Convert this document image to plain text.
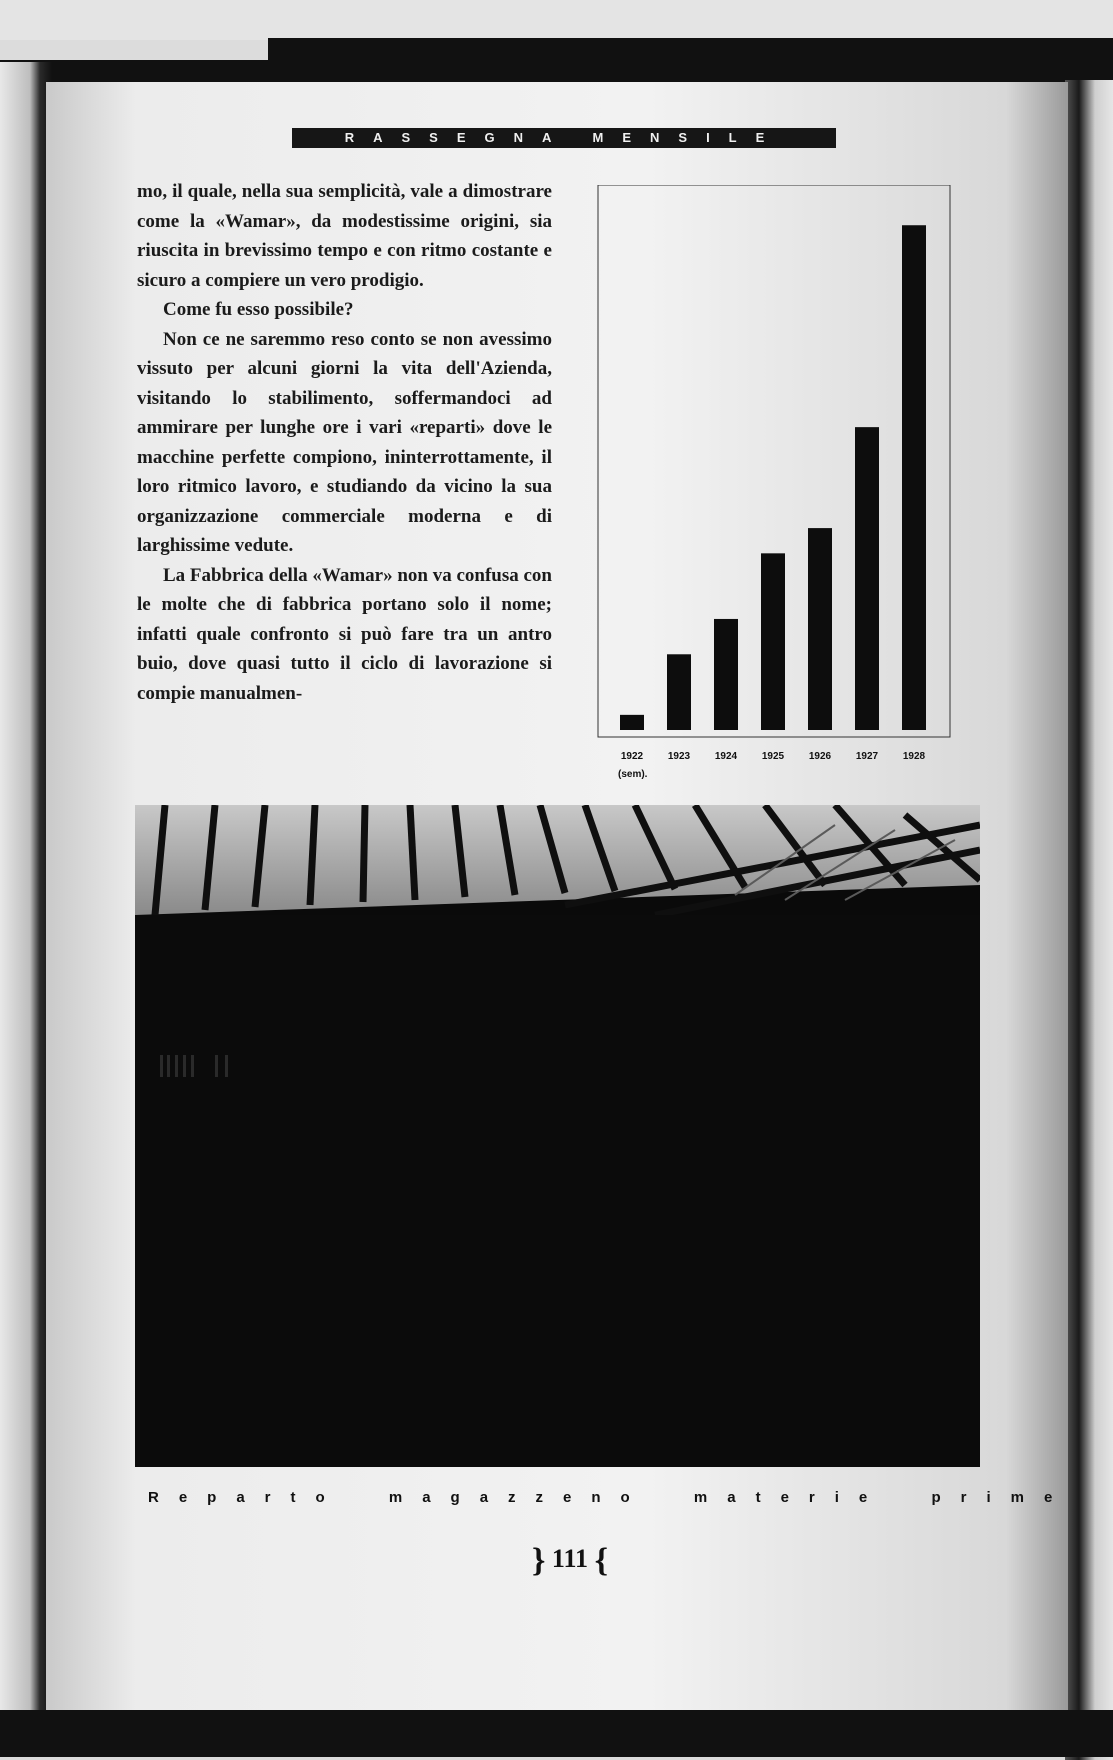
RASSEGNA MENSILE

mo, il quale, nella sua semplicità, vale a dimostrare come la «Wamar», da modestissime origini, sia riuscita in brevissimo tempo e con ritmo costante e sicuro a compiere un vero prodigio.

Come fu esso possibile?

Non ce ne saremmo reso conto se non avessimo vissuto per alcuni giorni la vita dell'Azienda, visitando lo stabilimento, soffermandoci ad ammirare per lunghe ore i vari «reparti» dove le macchine perfette compiono, ininterrottamente, il loro ritmico lavoro, e studiando da vicino la sua organizzazione commerciale moderna e di larghissime vedute.

La Fabbrica della «Wamar» non va confusa con le molte che di fabbrica portano solo il nome; infatti quale confronto si può fare tra un antro buio, dove quasi tutto il ciclo di lavorazione si compie manualmen-

1922 1923 1924 1925 1926 1927 1928
(sem).
Reparto	magazzeno	materie	prime
} 111 {
